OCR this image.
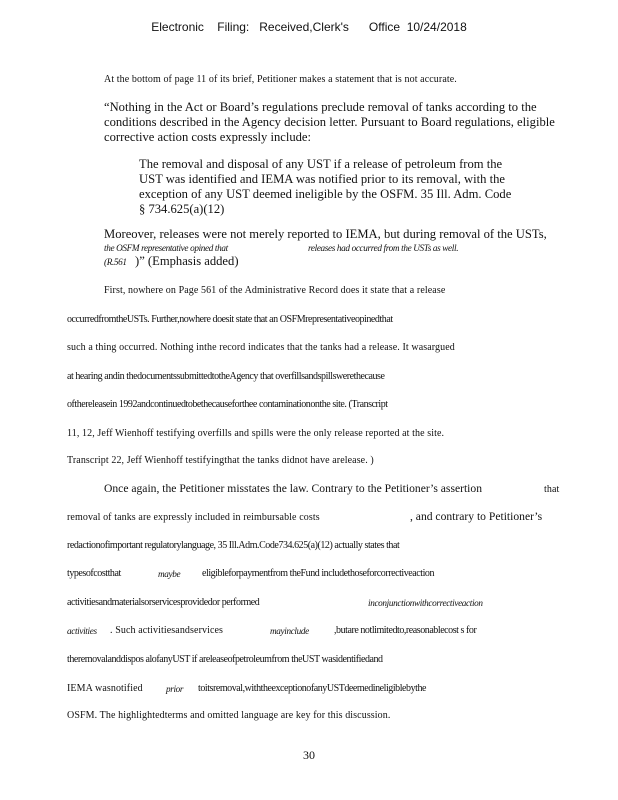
Electronic    Filing:   Received,Clerk's      Office  10/24/2018
At the bottom of page 11 of its brief, Petitioner makes a statement that is not accurate.
“Nothing in the Act or Board’s regulations preclude removal of tanks according to the
conditions described in the Agency decision letter. Pursuant to Board regulations, eligible
corrective action costs expressly include:
The removal and disposal of any UST if a release of petroleum from the
UST was identified and IEMA was notified prior to its removal, with the
exception of any UST deemed ineligible by the OSFM. 35 Ill. Adm. Code
§ 734.625(a)(12)
Moreover, releases were not merely reported to IEMA, but during removal of the USTs,
the OSFM representative opined that	releases had occurred from the USTs as well.
(R.561 )” (Emphasis added)
First, nowhere on Page 561 of the Administrative Record does it state that a release
occurredfromtheUSTs. Further,nowhere doesit state that an OSFMrepresentativeopinedthat
such a thing occurred. Nothing inthe record indicates that the tanks had a release. It wasargued
at hearing andin thedocumentssubmittedtotheAgency that overfillsandspillswerethecause
ofthereleasein 1992andcontinuedtobethecausefortheе contaminationonthe site. (Transcript
11, 12, Jeff Wienhoff testifying overfills and spills were the only release reported at the site.
Transcript 22, Jeff Wienhoff testifyingthat the tanks didnot have arelease. )
Once again, the Petitioner misstates the law. Contrary to the Petitioner’s assertion	that
removal of tanks are expressly included in reimbursable costs	, and contrary to Petitioner’s
redactionofimportant regulatorylanguage, 35 Ill.Adm.Code734.625(a)(12) actually states that
typesofcostthat	maybe eligibleforpaymentfrom theFund includethoseforcorrectiveaction
activitiesandmaterialsorservicesprovidedor performed	inconjunctionwithcorrectiveaction
activities . Such activitiesandservices	mayinclude	,butare notlimitedto,reasonablecost s for
theremovalanddispos alofanyUST if areleaseofpetroleumfrom theUST wasidentifiedand
IEMA wasnotified	prior toitsremoval,withtheexceptionofanyUSTdeemedineligiblebythe
OSFM. The highlightedterms and omitted language are key for this discussion.
30
